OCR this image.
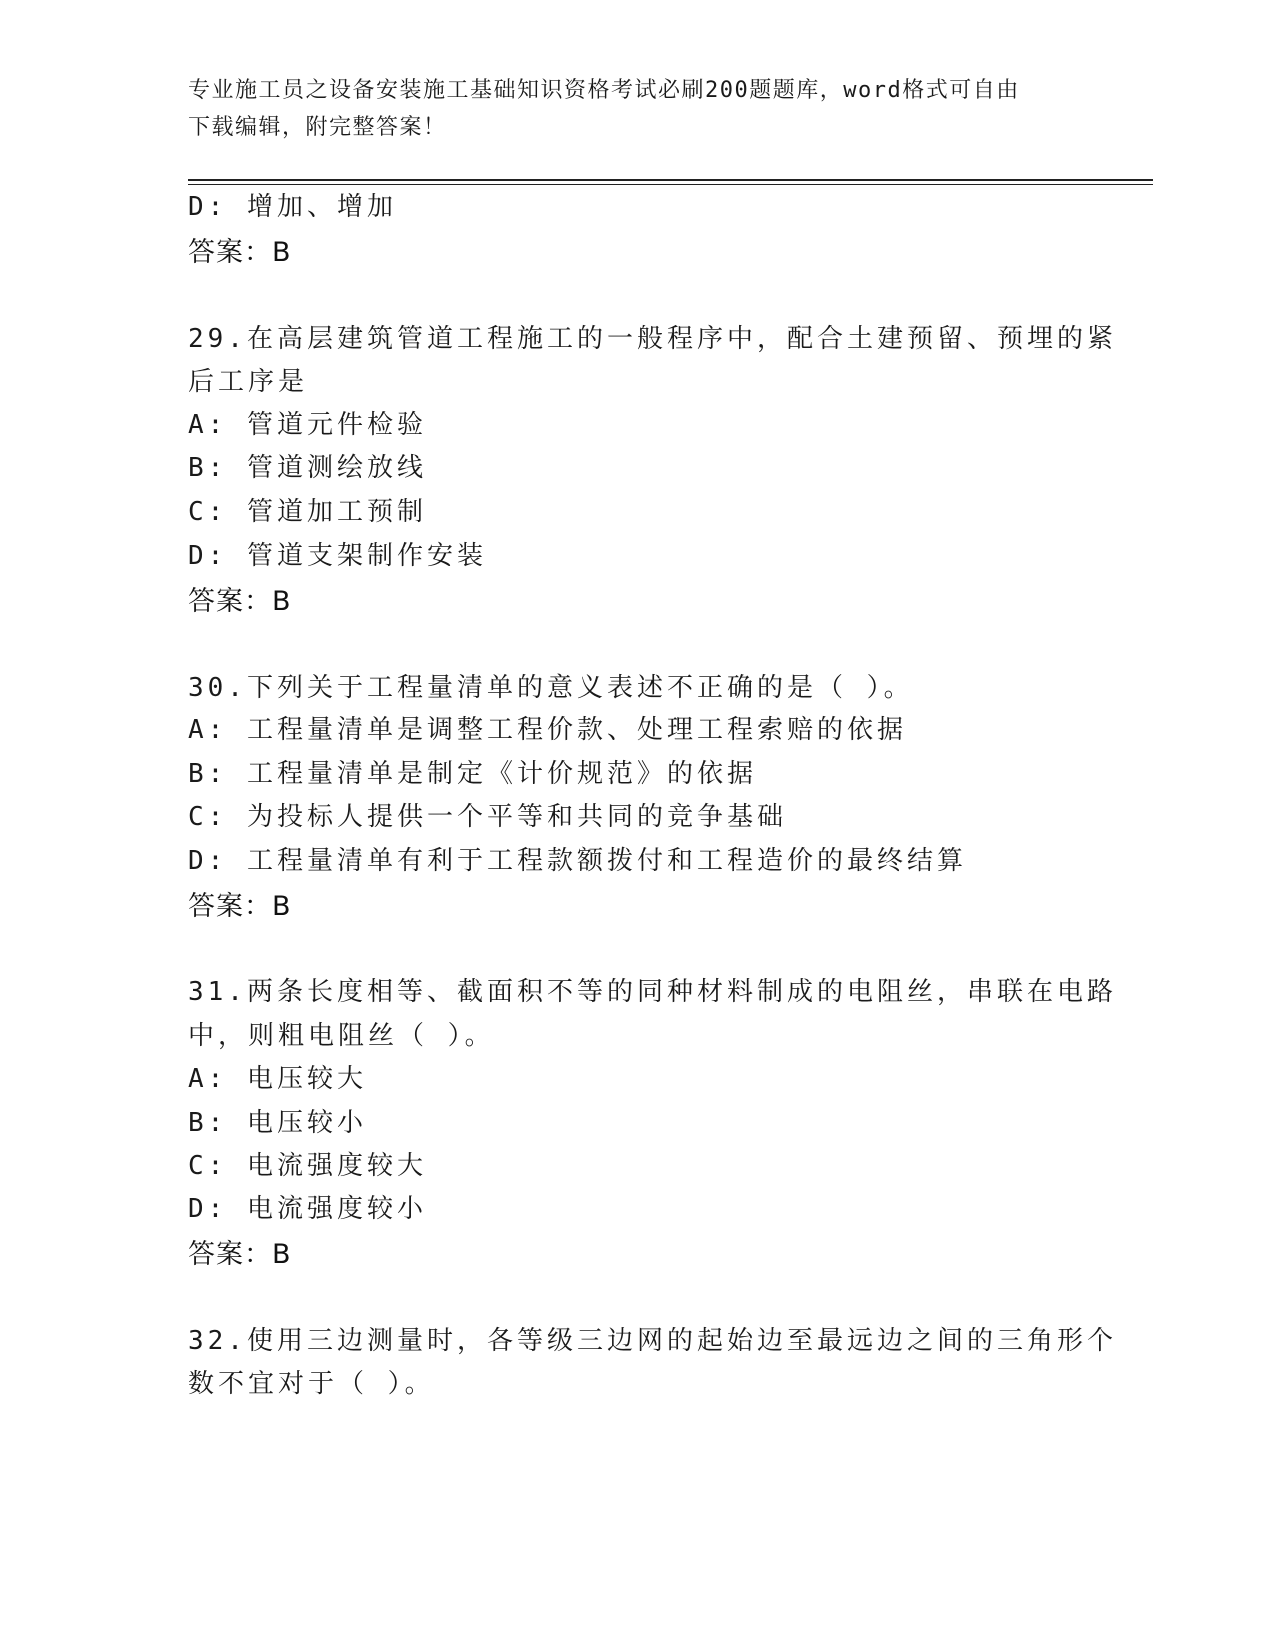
专业施工员之设备安装施工基础知识资格考试必刷200题题库，word格式可自由
下载编辑，附完整答案！
D: 增加、增加
答案：B
29.在高层建筑管道工程施工的一般程序中，配合土建预留、预埋的紧
后工序是
A: 管道元件检验
B: 管道测绘放线
C: 管道加工预制
D: 管道支架制作安装
答案：B
30.下列关于工程量清单的意义表述不正确的是（ ）。
A: 工程量清单是调整工程价款、处理工程索赔的依据
B: 工程量清单是制定《计价规范》的依据
C: 为投标人提供一个平等和共同的竞争基础
D: 工程量清单有利于工程款额拨付和工程造价的最终结算
答案：B
31.两条长度相等、截面积不等的同种材料制成的电阻丝，串联在电路
中，则粗电阻丝（ ）。
A: 电压较大
B: 电压较小
C: 电流强度较大
D: 电流强度较小
答案：B
32.使用三边测量时，各等级三边网的起始边至最远边之间的三角形个
数不宜对于（ ）。
